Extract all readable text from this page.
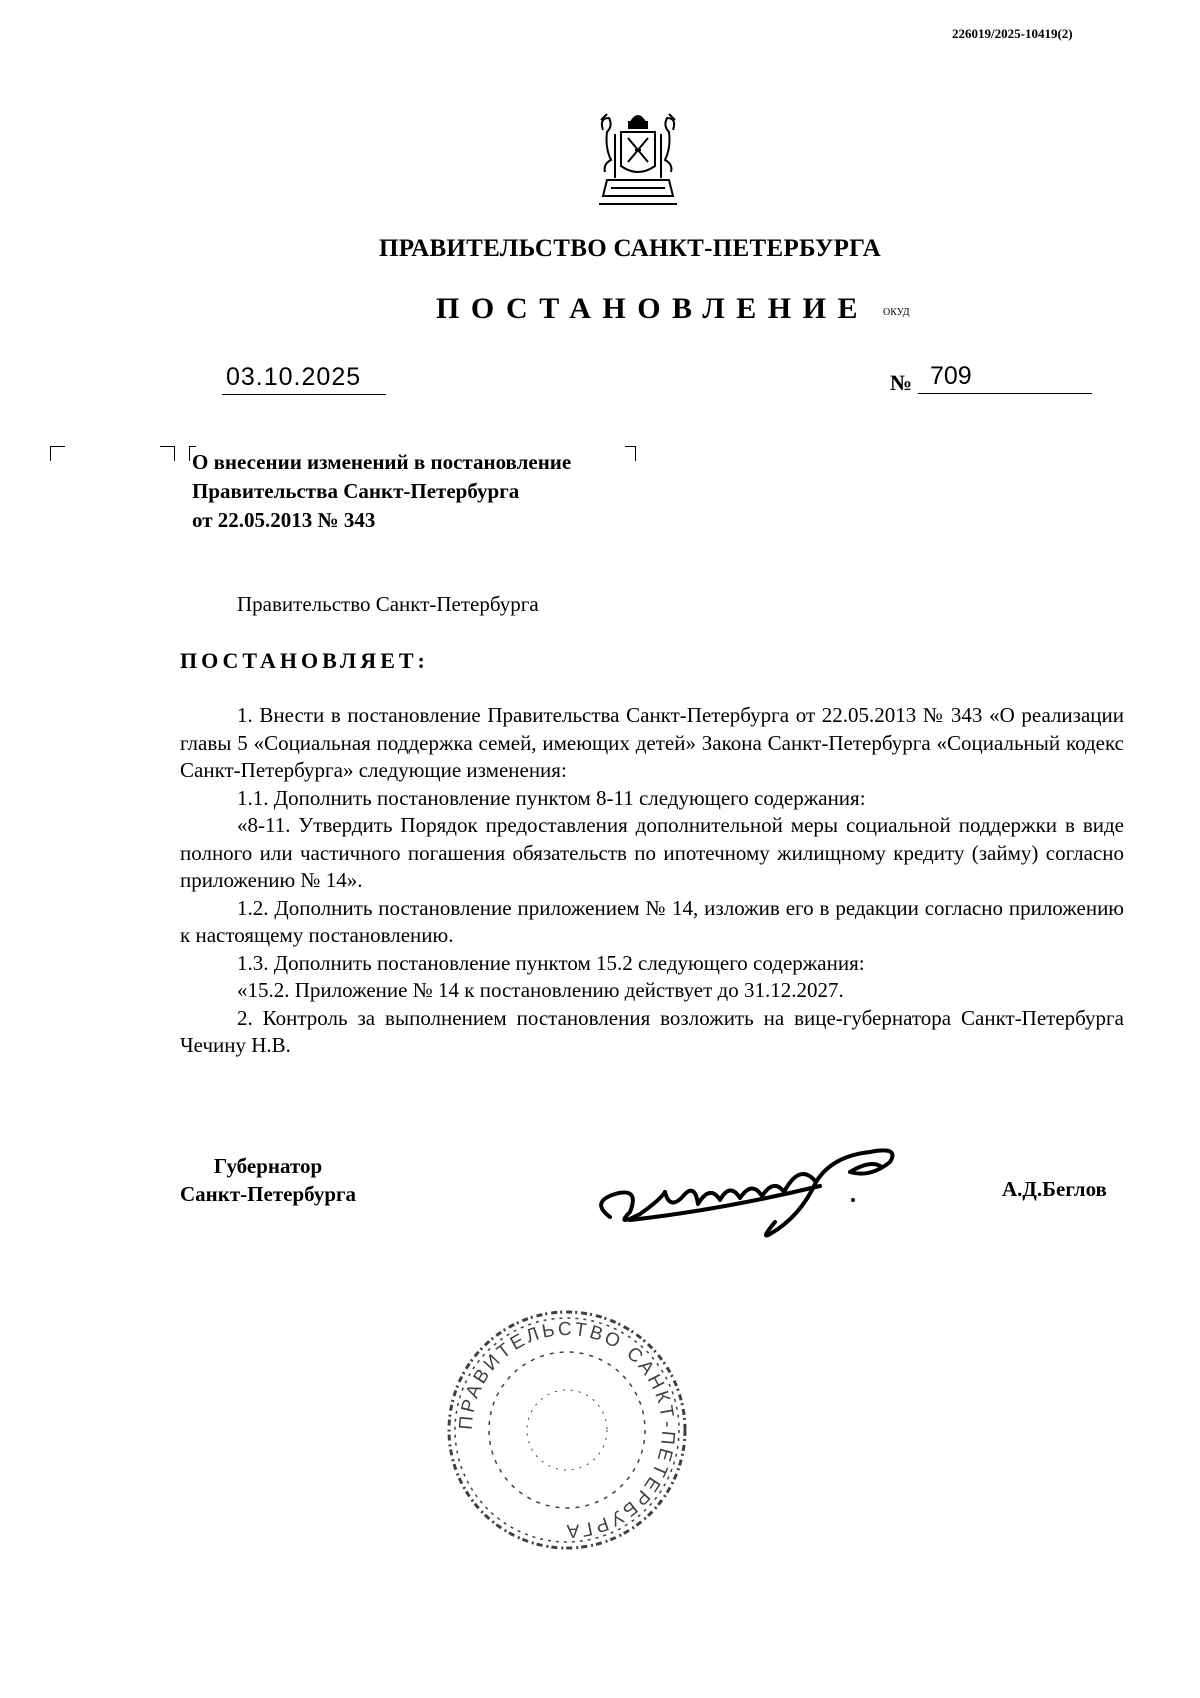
226019/2025-10419(2)
ПРАВИТЕЛЬСТВО САНКТ-ПЕТЕРБУРГА
ПОСТАНОВЛЕНИЕ ОКУД
03.10.2025	№ 709
О внесении изменений в постановление
Правительства Санкт-Петербурга
от 22.05.2013 № 343
Правительство Санкт-Петербурга
ПОСТАНОВЛЯЕТ:

1. Внести в постановление Правительства Санкт-Петербурга от 22.05.2013 № 343 «О реализации главы 5 «Социальная поддержка семей, имеющих детей» Закона Санкт-Петербурга «Социальный кодекс Санкт-Петербурга» следующие изменения:

1.1. Дополнить постановление пунктом 8-11 следующего содержания:

«8-11. Утвердить Порядок предоставления дополнительной меры социальной поддержки в виде полного или частичного погашения обязательств по ипотечному жилищному кредиту (займу) согласно приложению № 14».

1.2. Дополнить постановление приложением № 14, изложив его в редакции согласно приложению к настоящему постановлению.

1.3. Дополнить постановление пунктом 15.2 следующего содержания:

«15.2. Приложение № 14 к постановлению действует до 31.12.2027.

2. Контроль за выполнением постановления возложить на вице-губернатора Санкт-Петербурга Чечину Н.В.

Губернатор
Санкт-Петербурга	А.Д.Беглов
ПРАВИТЕЛЬСТВО САНКТ-ПЕТЕРБУРГА
